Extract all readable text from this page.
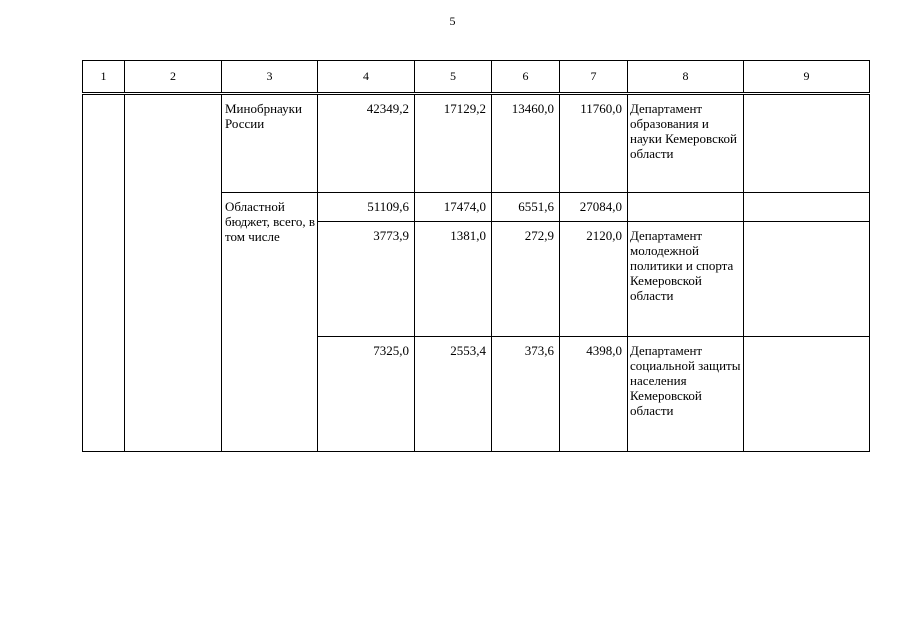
5
1	2	3	4	5	6	7	8	9
		Минобрнауки России	42349,2	17129,2	13460,0	11760,0	Департамент образования и науки Кемеровской области	
		Областной бюджет, всего, в том числе	51109,6	17474,0	6551,6	27084,0		
			3773,9	1381,0	272,9	2120,0	Департамент молодежной политики и спорта Кемеровской области	
			7325,0	2553,4	373,6	4398,0	Департамент социальной защиты населения Кемеровской области	
